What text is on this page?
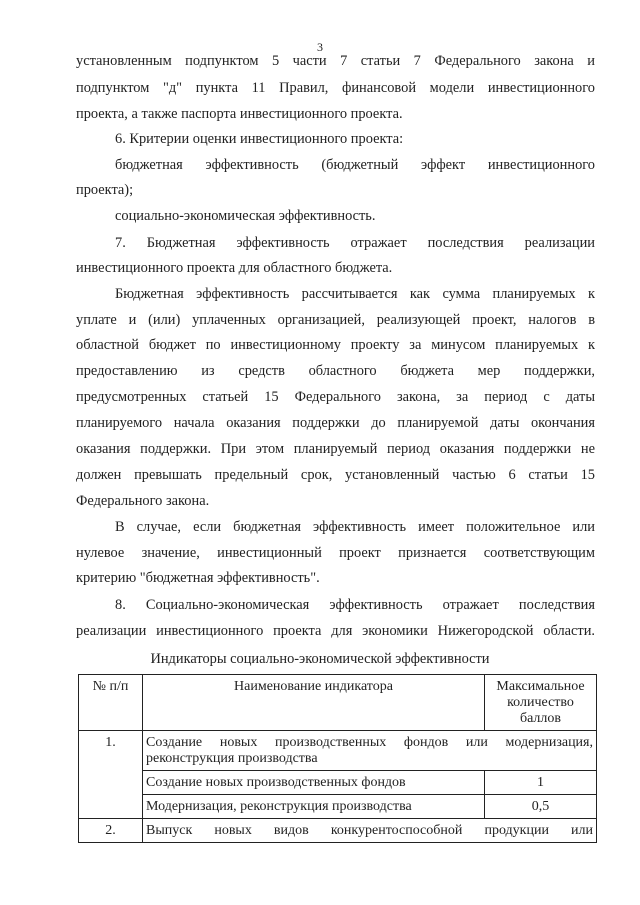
3
установленным подпунктом 5 части 7 статьи 7 Федерального закона и
подпунктом "д" пункта 11 Правил, финансовой модели инвестиционного
проекта, а также паспорта инвестиционного проекта.
6. Критерии оценки инвестиционного проекта:
бюджетная эффективность (бюджетный эффект инвестиционного
проекта);
социально-экономическая эффективность.
7. Бюджетная эффективность отражает последствия реализации
инвестиционного проекта для областного бюджета.
Бюджетная эффективность рассчитывается как сумма планируемых к
уплате и (или) уплаченных организацией, реализующей проект, налогов в
областной бюджет по инвестиционному проекту за минусом планируемых к
предоставлению из средств областного бюджета мер поддержки,
предусмотренных статьей 15 Федерального закона, за период с даты
планируемого начала оказания поддержки до планируемой даты окончания
оказания поддержки. При этом планируемый период оказания поддержки не
должен превышать предельный срок, установленный частью 6 статьи 15
Федерального закона.
В случае, если бюджетная эффективность имеет положительное или
нулевое значение, инвестиционный проект признается соответствующим
критерию "бюджетная эффективность".
8. Социально-экономическая эффективность отражает последствия
реализации инвестиционного проекта для экономики Нижегородской области.
Индикаторы социально-экономической эффективности
№ п/п	Наименование индикатора	Максимальное количество баллов
1.	Создание новых производственных фондов или модернизация, реконструкция производства	
	Создание новых производственных фондов	1
	Модернизация, реконструкция производства	0,5
2.	Выпуск новых видов конкурентоспособной продукции или	
